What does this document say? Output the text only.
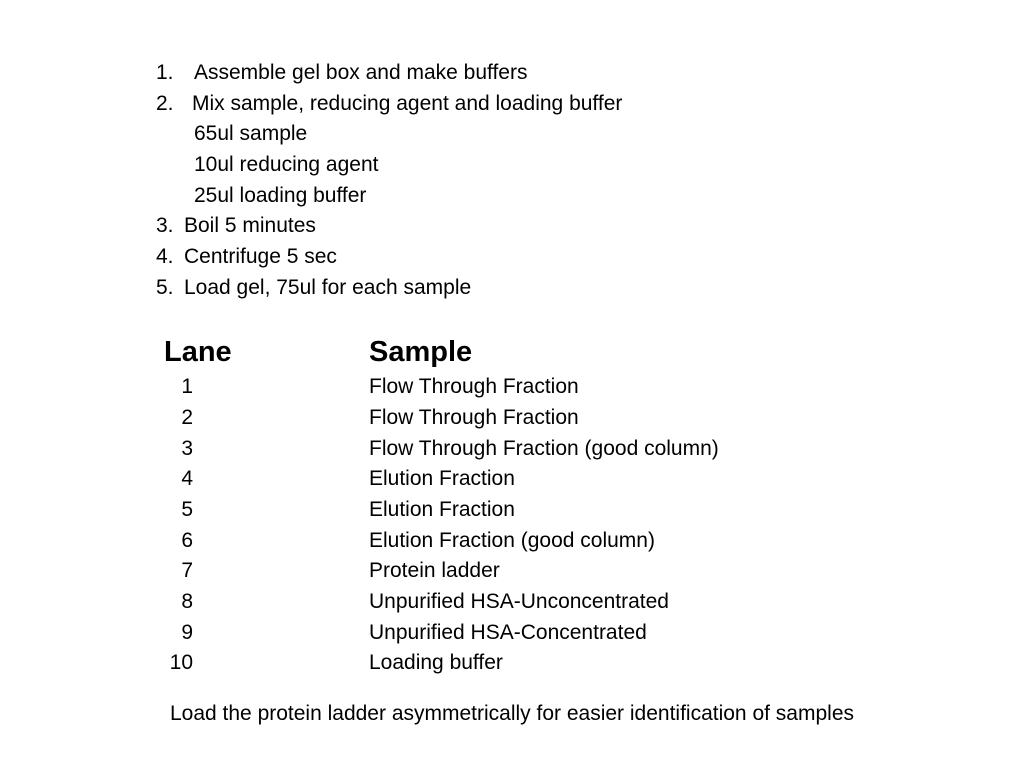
1. Assemble gel box and make buffers
2. Mix sample, reducing agent and loading buffer
65ul sample
10ul reducing agent
25ul loading buffer
3. Boil 5 minutes
4. Centrifuge 5 sec
5. Load gel, 75ul for each sample
Lane	Sample
1	Flow Through Fraction
2	Flow Through Fraction
3	Flow Through Fraction (good column)
4	Elution Fraction
5	Elution Fraction
6	Elution Fraction (good column)
7	Protein ladder
8	Unpurified HSA-Unconcentrated
9	Unpurified HSA-Concentrated
10	Loading buffer
Load the protein ladder asymmetrically for easier identification of samples
